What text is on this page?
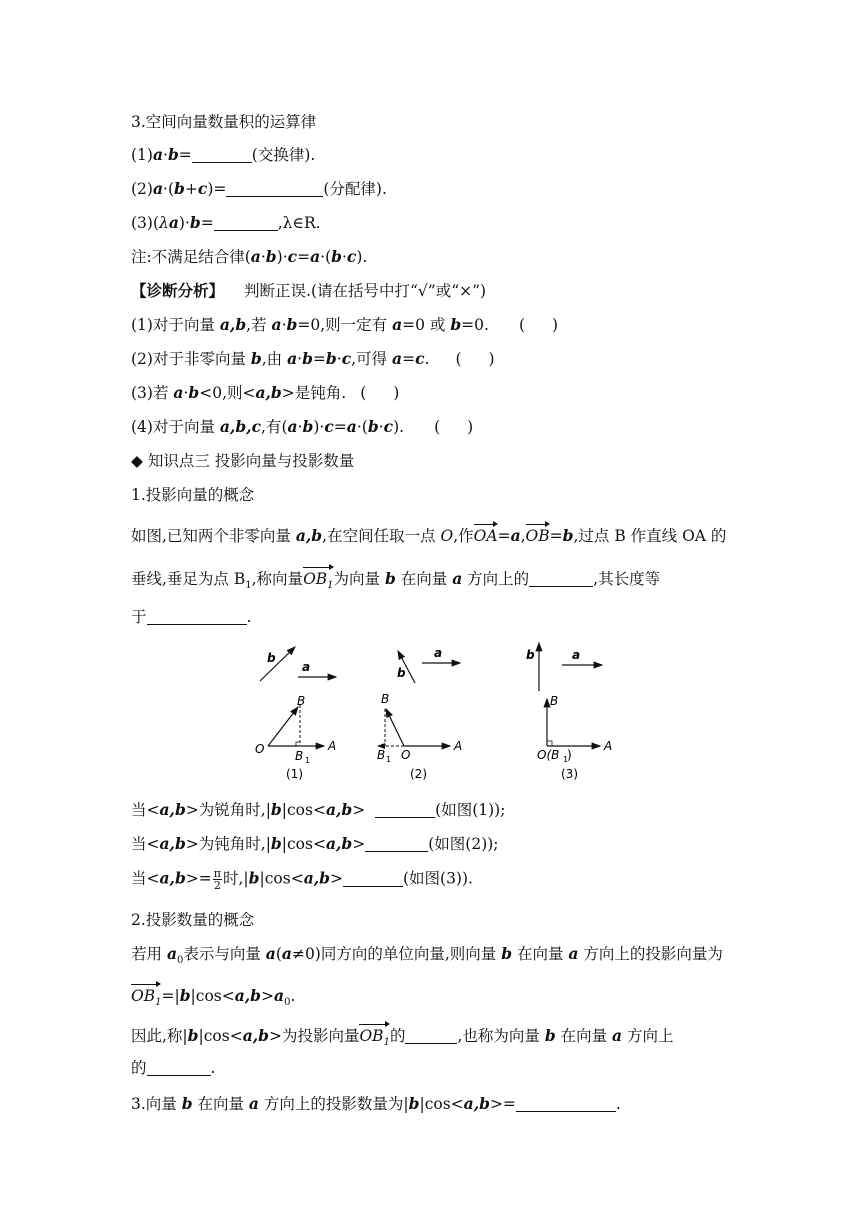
3.空间向量数量积的运算律
(1)a·b=	(交换律).
(2)a·(b+c)=	(分配律).
(3)(λa)·b=	,λ∈R.
注:不满足结合律(a·b)·c=a·(b·c).
【诊断分析】 判断正误.(请在括号中打“√”或“×”)
(1)对于向量 a,b,若 a·b=0,则一定有 a=0 或 b=0. ( )
(2)对于非零向量 b,由 a·b=b·c,可得 a=c. ( )
(3)若 a·b<0,则<a,b>是钝角. ( )
(4)对于向量 a,b,c,有(a·b)·c=a·(b·c). ( )
◆ 知识点三 投影向量与投影数量
1.投影向量的概念
如图,已知两个非零向量 a,b,在空间任取一点 O,作OA=a,OB=b,过点 B 作直线 OA 的
垂线,垂足为点 $B_1$,称向量$OB_1$为向量 b 在向量 a 方向上的	,其长度等
于	.
b
a
O
B
A
B 1
(1)
b
a
B
O
A
B 1
(2)
b	a
B
A
O(B 1
)
(3)
当<a,b>为锐角时,|b|cos<a,b>	(如图(1));
当<a,b>为钝角时,|b|cos<a,b>	(如图(2));
当$<a,b>= \frac{\pi}{2}$ 时,|b|cos<a,b>	(如图(3)).
2.投影数量的概念
若用 $a_0$表示与向量 a(a≠0)同方向的单位向量,则向量 b 在向量 a 方向上的投影向量为
$OB_1=|b|\cos<a,b>a_0$.
因此,称|b|cos<a,b>为投影向量$OB_1$的	,也称为向量 b 在向量 a 方向上
的	.
3.向量 b 在向量 a 方向上的投影数量为|b|cos<a,b>=	.
